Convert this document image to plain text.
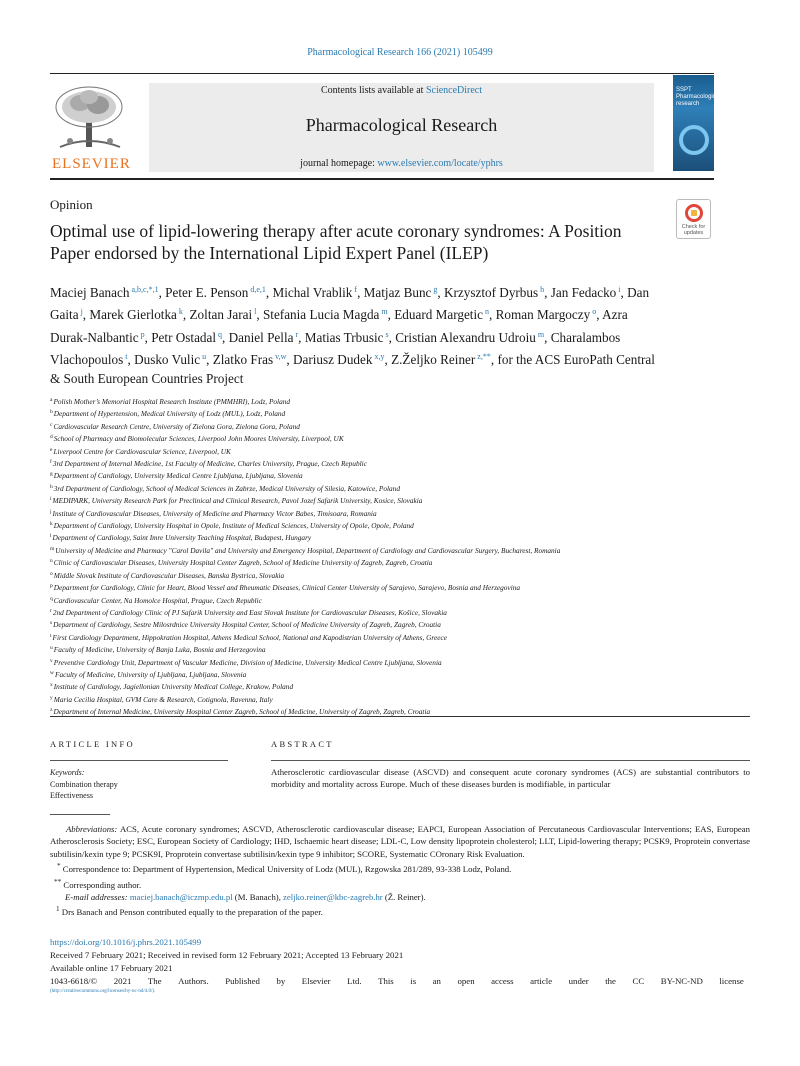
Pharmacological Research 166 (2021) 105499
ELSEVIER
Contents lists available at ScienceDirect
Pharmacological Research
journal homepage: www.elsevier.com/locate/yphrs
SSPT Pharmacological research
Opinion
Optimal use of lipid-lowering therapy after acute coronary syndromes: A Position Paper endorsed by the International Lipid Expert Panel (ILEP)
Check for updates
Maciej Banach $^{a,b,c,*,1}$, Peter E. Penson $^{d,e,1}$, Michal Vrablik $^f$, Matjaz Bunc $^g$, Krzysztof Dyrbus $^h$, Jan Fedacko $^i$, Dan Gaita $^j$, Marek Gierlotka $^k$, Zoltan Jarai $^l$, Stefania Lucia Magda $^m$, Eduard Margetic $^n$, Roman Margoczy $^o$, Azra Durak-Nalbantic $^p$, Petr Ostadal $^q$, Daniel Pella $^r$, Matias Trbusic $^s$, Cristian Alexandru Udroiu $^m$, Charalambos Vlachopoulos $^t$, Dusko Vulic $^u$, Zlatko Fras $^{v,w}$, Dariusz Dudek $^{x,y}$, Z.Željko Reiner $^{z,**}$, for the ACS EuroPath Central & South European Countries Project
$^a$Polish Mother’s Memorial Hospital Research Institute (PMMHRI), Lodz, Poland
$^b$Department of Hypertension, Medical University of Lodz (MUL), Lodz, Poland
$^c$Cardiovascular Research Centre, University of Zielona Gora, Zielona Gora, Poland
$^d$School of Pharmacy and Biomolecular Sciences, Liverpool John Moores University, Liverpool, UK
$^e$Liverpool Centre for Cardiovascular Science, Liverpool, UK
$^f$3rd Department of Internal Medicine, 1st Faculty of Medicine, Charles University, Prague, Czech Republic
$^g$Department of Cardiology, University Medical Centre Ljubljana, Ljubljana, Slovenia
$^h$3rd Department of Cardiology, School of Medical Sciences in Zabrze, Medical University of Silesia, Katowice, Poland
$^i$MEDIPARK, University Research Park for Preclinical and Clinical Research, Pavol Jozef Safarik University, Kosice, Slovakia
$^j$Institute of Cardiovascular Diseases, University of Medicine and Pharmacy Victor Babes, Timisoara, Romania
$^k$Department of Cardiology, University Hospital in Opole, Institute of Medical Sciences, University of Opole, Opole, Poland
$^l$Department of Cardiology, Saint Imre University Teaching Hospital, Budapest, Hungary
$^m$University of Medicine and Pharmacy "Carol Davila" and University and Emergency Hospital, Department of Cardiology and Cardiovascular Surgery, Bucharest, Romania
$^n$Clinic of Cardiovascular Diseases, University Hospital Center Zagreb, School of Medicine University of Zagreb, Zagreb, Croatia
$^o$Middle Slovak Institute of Cardiovascular Diseases, Banska Bystrica, Slovakia
$^p$Department for Cardiology, Clinic for Heart, Blood Vessel and Rheumatic Diseases, Clinical Center University of Sarajevo, Sarajevo, Bosnia and Herzegovina
$^q$Cardiovascular Center, Na Homolce Hospital, Prague, Czech Republic
$^r$2nd Department of Cardiology Clinic of PJ Safarik University and East Slovak Institute for Cardiovascular Diseases, Košice, Slovakia
$^s$Department of Cardiology, Sestre Milosrdnice University Hospital Center, School of Medicine University of Zagreb, Zagreb, Croatia
$^t$First Cardiology Department, Hippokration Hospital, Athens Medical School, National and Kapodistrian University of Athens, Greece
$^u$Faculty of Medicine, University of Banja Luka, Bosnia and Herzegovina
$^v$Preventive Cardiology Unit, Department of Vascular Medicine, Division of Medicine, University Medical Centre Ljubljana, Slovenia
$^w$Faculty of Medicine, University of Ljubljana, Ljubljana, Slovenia
$^x$Institute of Cardiology, Jagiellonian University Medical College, Krakow, Poland
$^y$Maria Cecilia Hospital, GVM Care & Research, Cotignola, Ravenna, Italy
$^z$Department of Internal Medicine, University Hospital Center Zagreb, School of Medicine, University of Zagreb, Zagreb, Croatia
ARTICLE INFO	ABSTRACT
Keywords:
Combination therapy
Effectiveness
Atherosclerotic cardiovascular disease (ASCVD) and consequent acute coronary syndromes (ACS) are substantial contributors to morbidity and mortality across Europe. Much of these diseases burden is modifiable, in particular
Abbreviations: ACS, Acute coronary syndromes; ASCVD, Atherosclerotic cardiovascular disease; EAPCI, European Association of Percutaneous Cardiovascular Interventions; EAS, European Atherosclerosis Society; ESC, European Society of Cardiology; IHD, Ischaemic heart disease; LDL-C, Low density lipoprotein cholesterol; LLT, Lipid-lowering therapy; PCSK9, Proprotein convertase subtilisin/kexin type 9; PCSK9I, Proprotein convertase subtilisin/kexin type 9 inhibitor; SCORE, Systematic COronary Risk Evaluation.
* Correspondence to: Department of Hypertension, Medical University of Lodz (MUL), Rzgowska 281/289, 93-338 Lodz, Poland.
** Corresponding author.
E-mail addresses: maciej.banach@iczmp.edu.pl (M. Banach), zeljko.reiner@kbc-zagreb.hr (Ž. Reiner).
$^1$ Drs Banach and Penson contributed equally to the preparation of the paper.
https://doi.org/10.1016/j.phrs.2021.105499
Received 7 February 2021; Received in revised form 12 February 2021; Accepted 13 February 2021
Available online 17 February 2021
1043-6618/© 2021 The Authors. Published by Elsevier Ltd. This is an open access article under the CC BY-NC-ND license
(http://creativecommons.org/licenses/by-nc-nd/4.0/).
